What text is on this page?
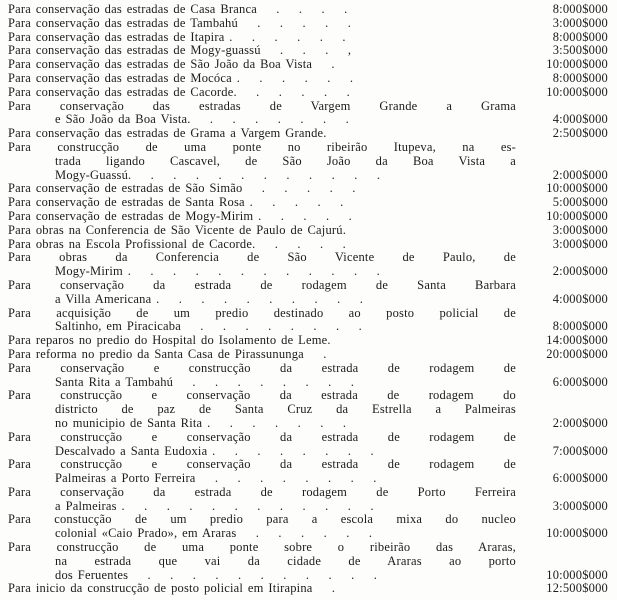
Para conservação das estradas de Casa Branca    .    .    .    .	8:000$000
Para conservação das estradas de Tambahú    .    .    .    .    .	3:000$000
Para conservação das estradas de Itapira .    .    .    .    .    .	8:000$000
Para conservação das estradas de Mogy-guassú    .    .    .    ,	3:500$000
Para conservação das estradas de São João da Boa Vista    .	10:000$000
Para conservação das estradas de Mocóca .    .    .    .    .    .	8:000$000
Para conservação das estradas de Cacorde.    .    .    .    .    .	10:000$000
Para conservação das estradas de Vargem Grande a Grama
e São João da Boa Vista.    .    .    .    .    .    .    .	4:000$000
Para conservação das estradas de Grama a Vargem Grande.	2:500$000
Para construcção de uma ponte no ribeirão Itupeva, na es-
trada ligando Cascavel, de São João da Boa Vista a
Mogy-Guassú.    .    .    .    .    .    .    .    .    .    .    .	2:000$000
Para conservação de estradas de São Simão    .    .    .    .    .	10:000$000
Para conservação de estradas de Santa Rosa .    .    .    .    .	5:000$000
Para conservação de estradas de Mogy-Mirim .    .    .    .    .	10:000$000
Para obras na Conferencia de São Vicente de Paulo de Cajurú.	3:000$000
Para obras na Escola Profissional de Cacorde.    .    .    .    .	3:000$000
Para obras da Conferencia de São Vicente de Paulo, de
Mogy-Mirim .    .    .    .    .    .    .    .    .    .    .    .	2:000$000
Para conservação da estrada de rodagem de Santa Barbara
a Villa Americana .    .    .    .    .    .    .    .    .    .	4:000$000
Para acquisição de um predio destinado ao posto policial de
Saltinho, em Piracicaba    .    .    .    .    .    .    .    .	8:000$000
Para reparos no predio do Hospital do Isolamento de Leme.	14:000$000
Para reforma no predio da Santa Casa de Pirassununga    .	20:000$000
Para conservação e construcção da estrada de rodagem de
Santa Rita a Tambahú    .    .    .    .    .    .    .    .	6:000$000
Para construcção e conservação da estrada de rodagem do
districto de paz de Santa Cruz da Estrella a Palmeiras
no municipio de Santa Rita .    .    .    .    .    .    .	2:000$000
Para construcção e conservação da estrada de rodagem de
Descalvado a Santa Eudoxia .    .    .    .    .    .    .    .	7:000$000
Para construcção e conservação da estrada de rodagem de
Palmeiras a Porto Ferreira    .    .    .    .    .    .    .    .	6:000$000
Para conservação da estrada de rodagem de Porto Ferreira
a Palmeiras .    .    .    .    .    .    .    .    .    .    .    .	3:000$000
Para constucção de um predio para a escola mixa do nucleo
colonial «Caio Prado», em Araras    .    .    .    .    .    .	10:000$000
Para construcção de uma ponte sobre o ribeirão das Araras,
na estrada que vai da cidade de Araras ao porto
dos Feruentes    .    .    .    .    .    .    .    .    .    .    .	10:000$000
Para inicio da construcção de posto policial em Itirapina    .	12:500$000
